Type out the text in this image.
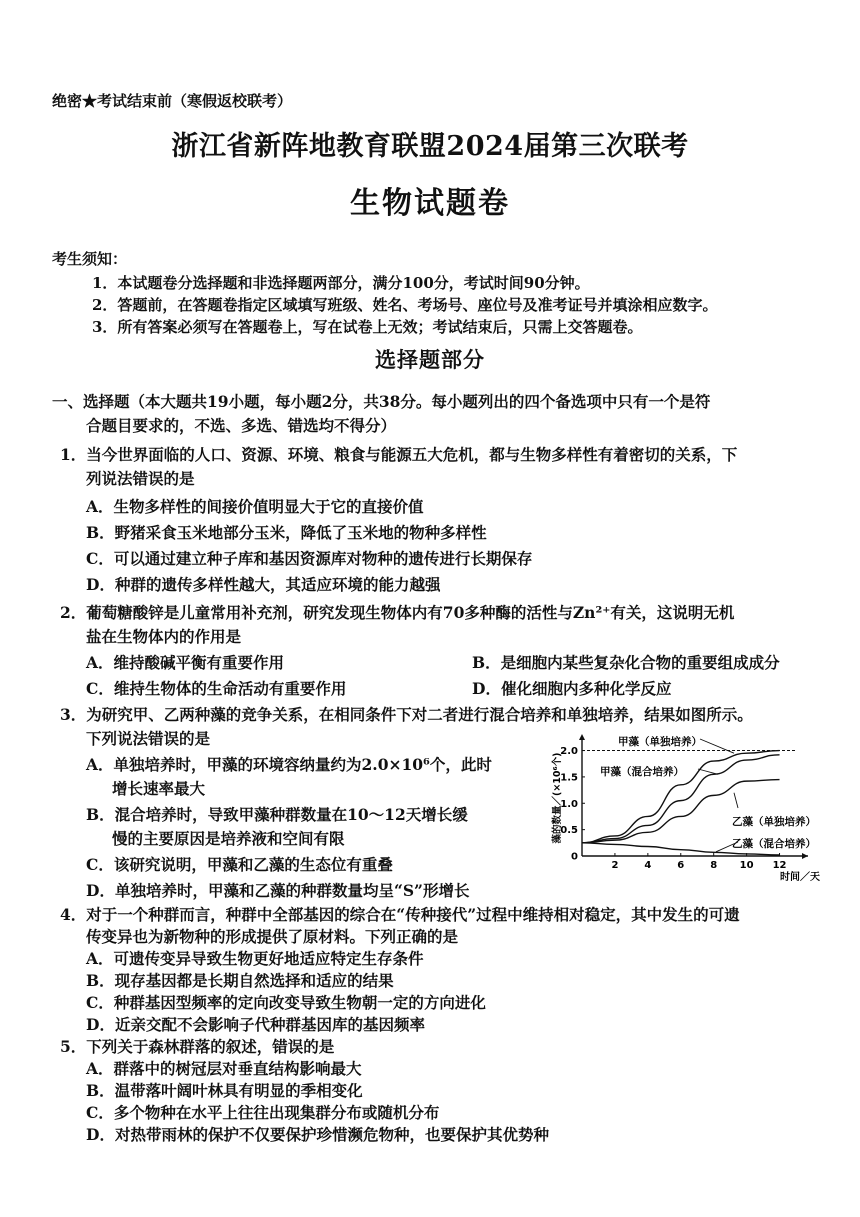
绝密★考试结束前（寒假返校联考）
浙江省新阵地教育联盟2024届第三次联考
生物试题卷
考生须知：
1．本试题卷分选择题和非选择题两部分，满分100分，考试时间90分钟。
2．答题前，在答题卷指定区域填写班级、姓名、考场号、座位号及准考证号并填涂相应数字。
3．所有答案必须写在答题卷上，写在试卷上无效；考试结束后，只需上交答题卷。
选择题部分
一、选择题（本大题共19小题，每小题2分，共38分。每小题列出的四个备选项中只有一个是符
合题目要求的，不选、多选、错选均不得分）
1．当今世界面临的人口、资源、环境、粮食与能源五大危机，都与生物多样性有着密切的关系，下
列说法错误的是
A．生物多样性的间接价值明显大于它的直接价值
B．野猪采食玉米地部分玉米，降低了玉米地的物种多样性
C．可以通过建立种子库和基因资源库对物种的遗传进行长期保存
D．种群的遗传多样性越大，其适应环境的能力越强
2．葡萄糖酸锌是儿童常用补充剂，研究发现生物体内有70多种酶的活性与Zn²⁺有关，这说明无机
盐在生物体内的作用是
A．维持酸碱平衡有重要作用	B．是细胞内某些复杂化合物的重要组成成分
C．维持生物体的生命活动有重要作用	D．催化细胞内多种化学反应
3．为研究甲、乙两种藻的竞争关系，在相同条件下对二者进行混合培养和单独培养，结果如图所示。
下列说法错误的是
A．单独培养时，甲藻的环境容纳量约为2.0×10⁶个，此时
增长速率最大
B．混合培养时，导致甲藻种群数量在10～12天增长缓
慢的主要原因是培养液和空间有限
C．该研究说明，甲藻和乙藻的生态位有重叠
D．单独培养时，甲藻和乙藻的种群数量均呈“S”形增长
2	4	6	8 10 12
0
0.5
1.0
1.5
2.0
时间／天
藻的数量／(×10⁶个)
甲藻（单独培养）
甲藻（混合培养）
乙藻（单独培养）
乙藻（混合培养）
4．对于一个种群而言，种群中全部基因的综合在“传种接代”过程中维持相对稳定，其中发生的可遗
传变异也为新物种的形成提供了原材料。下列正确的是
A．可遗传变异导致生物更好地适应特定生存条件
B．现存基因都是长期自然选择和适应的结果
C．种群基因型频率的定向改变导致生物朝一定的方向进化
D．近亲交配不会影响子代种群基因库的基因频率
5．下列关于森林群落的叙述，错误的是
A．群落中的树冠层对垂直结构影响最大
B．温带落叶阔叶林具有明显的季相变化
C．多个物种在水平上往往出现集群分布或随机分布
D．对热带雨林的保护不仅要保护珍惜濒危物种，也要保护其优势种
